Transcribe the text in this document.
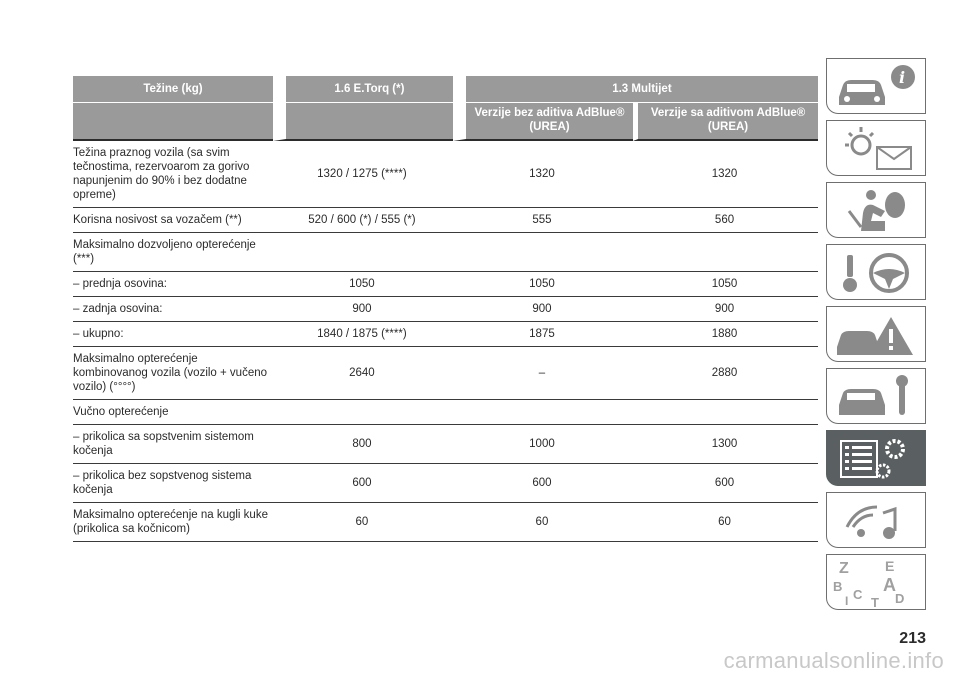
Težine (kg)	1.6 E.Torq (*)	1.3 Multijet	
		Verzije bez aditiva AdBlue® (UREA)	Verzije sa aditivom AdBlue® (UREA)
Težina praznog vozila (sa svim tečnostima, rezervoarom za gorivo napunjenim do 90% i bez dodatne opreme)	1320 / 1275 (****)	1320	1320
Korisna nosivost sa vozačem (**)	520 / 600 (*) / 555 (*)	555	560
Maksimalno dozvoljeno opterećenje (***)			
– prednja osovina:	1050	1050	1050
– zadnja osovina:	900	900	900
– ukupno:	1840 / 1875 (****)	1875	1880
Maksimalno opterećenje kombinovanog vozila (vozilo + vučeno vozilo) (°°°°)	2640	–	2880
Vučno opterećenje			
– prikolica sa sopstvenim sistemom kočenja	800	1000	1300
– prikolica bez sopstvenog sistema kočenja	600	600	600
Maksimalno opterećenje na kugli kuke (prikolica sa kočnicom)	60	60	60
i
Z	E
B A
C
I	D
T
213
carmanualsonline.info
